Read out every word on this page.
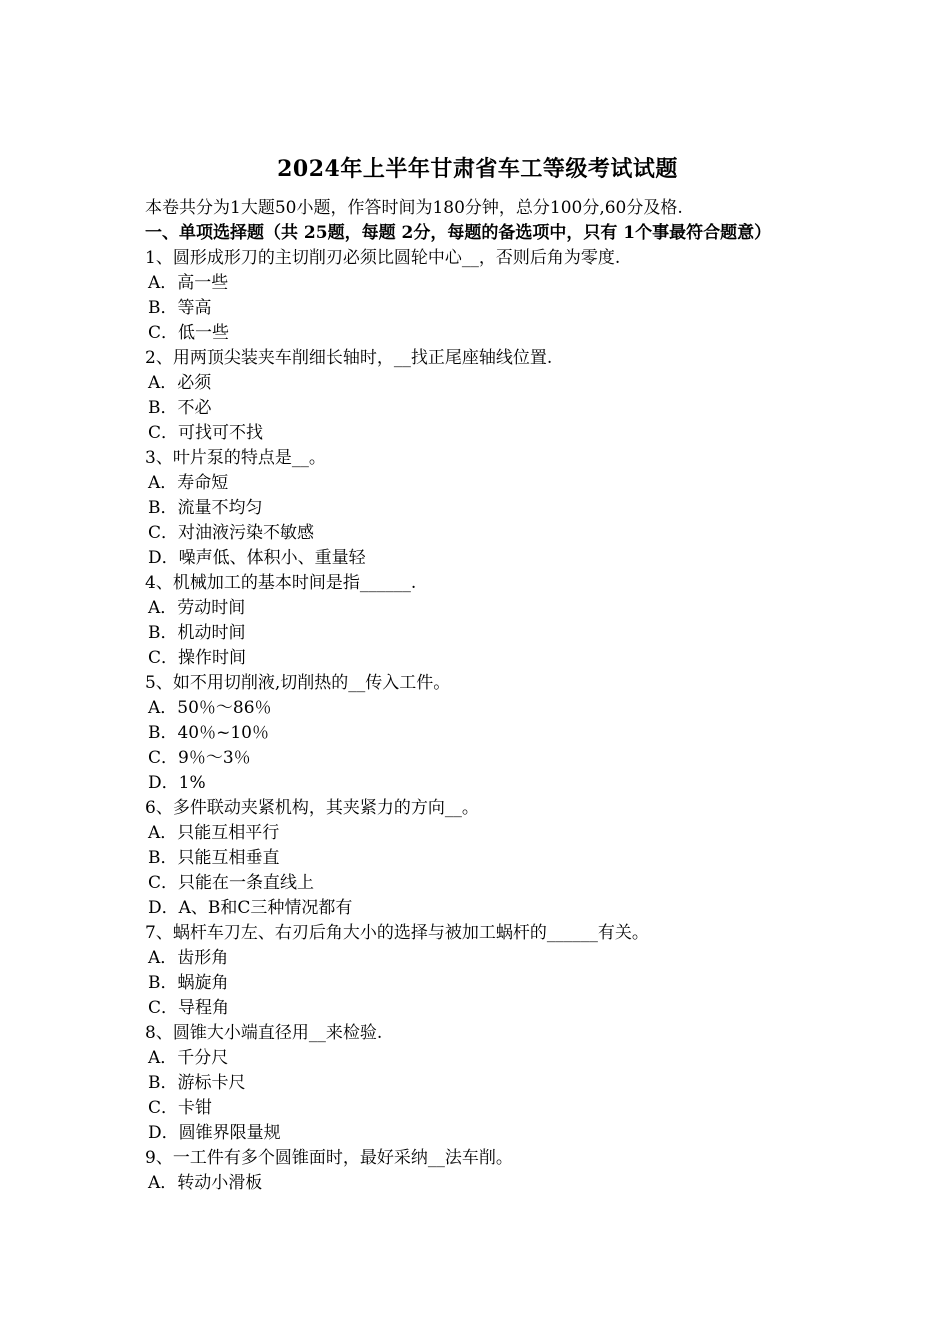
2024年上半年甘肃省车工等级考试试题

本卷共分为1大题50小题，作答时间为180分钟，总分100分,60分及格.

一、单项选择题（共 25题，每题 2分，每题的备选项中，只有 1个事最符合题意）

1、圆形成形刀的主切削刃必须比圆轮中心__，否则后角为零度.

A．高一些

B．等高

C．低一些

2、用两顶尖装夹车削细长轴时，__找正尾座轴线位置.

A．必须

B．不必

C．可找可不找

3、叶片泵的特点是__。

A．寿命短

B．流量不均匀

C．对油液污染不敏感

D．噪声低、体积小、重量轻

4、机械加工的基本时间是指______.

A．劳动时间

B．机动时间

C．操作时间

5、如不用切削液,切削热的__传入工件。

A．50％～86％

B．40％~10％

C．9％～3％

D．1%

6、多件联动夹紧机构，其夹紧力的方向__。

A．只能互相平行

B．只能互相垂直

C．只能在一条直线上

D．A、B和C三种情况都有

7、蜗杆车刀左、右刃后角大小的选择与被加工蜗杆的______有关。

A．齿形角

B．蜗旋角

C．导程角

8、圆锥大小端直径用__来检验.

A．千分尺

B．游标卡尺

C．卡钳

D．圆锥界限量规

9、一工件有多个圆锥面时，最好采纳__法车削。

A．转动小滑板
